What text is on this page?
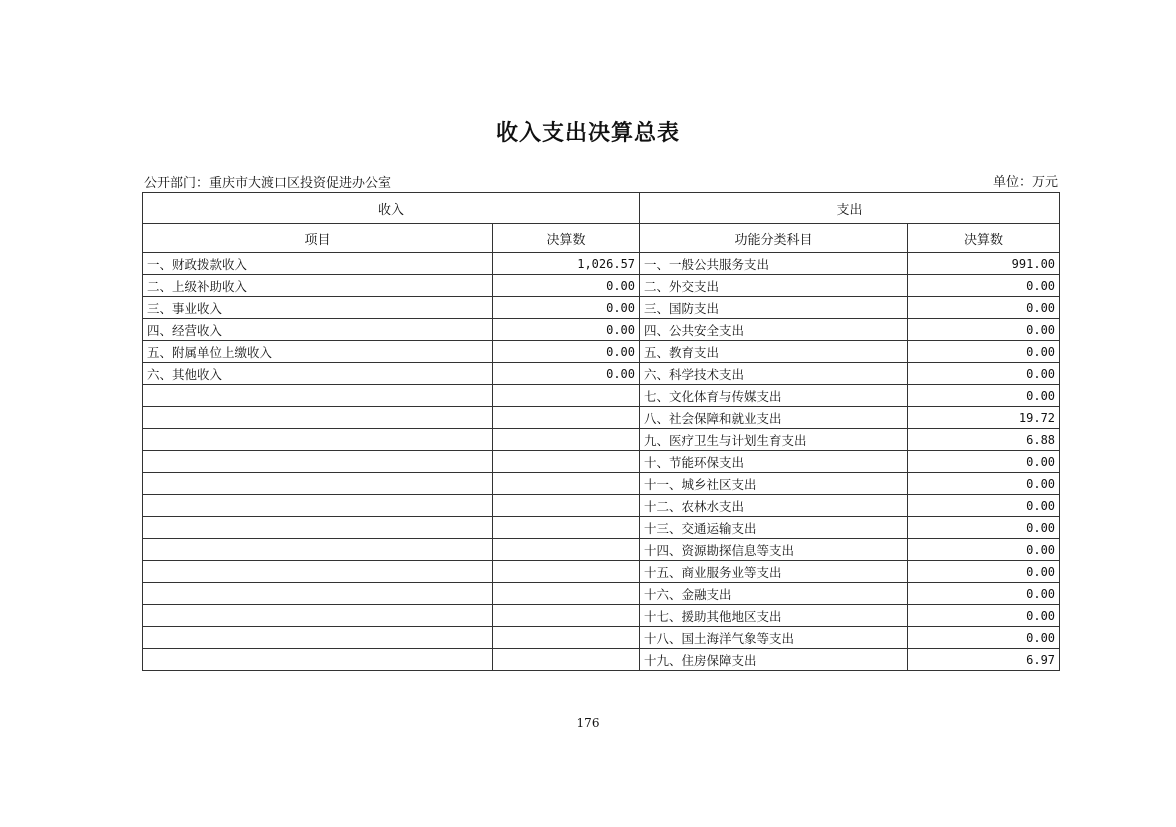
收入支出决算总表
公开部门：重庆市大渡口区投资促进办公室	单位：万元
收入		支出	
项目	决算数	功能分类科目	决算数
一、财政拨款收入	1,026.57	一、一般公共服务支出	991.00
二、上级补助收入	0.00	二、外交支出	0.00
三、事业收入	0.00	三、国防支出	0.00
四、经营收入	0.00	四、公共安全支出	0.00
五、附属单位上缴收入	0.00	五、教育支出	0.00
六、其他收入	0.00	六、科学技术支出	0.00
		七、文化体育与传媒支出	0.00
		八、社会保障和就业支出	19.72
		九、医疗卫生与计划生育支出	6.88
		十、节能环保支出	0.00
		十一、城乡社区支出	0.00
		十二、农林水支出	0.00
		十三、交通运输支出	0.00
		十四、资源勘探信息等支出	0.00
		十五、商业服务业等支出	0.00
		十六、金融支出	0.00
		十七、援助其他地区支出	0.00
		十八、国土海洋气象等支出	0.00
		十九、住房保障支出	6.97
176
